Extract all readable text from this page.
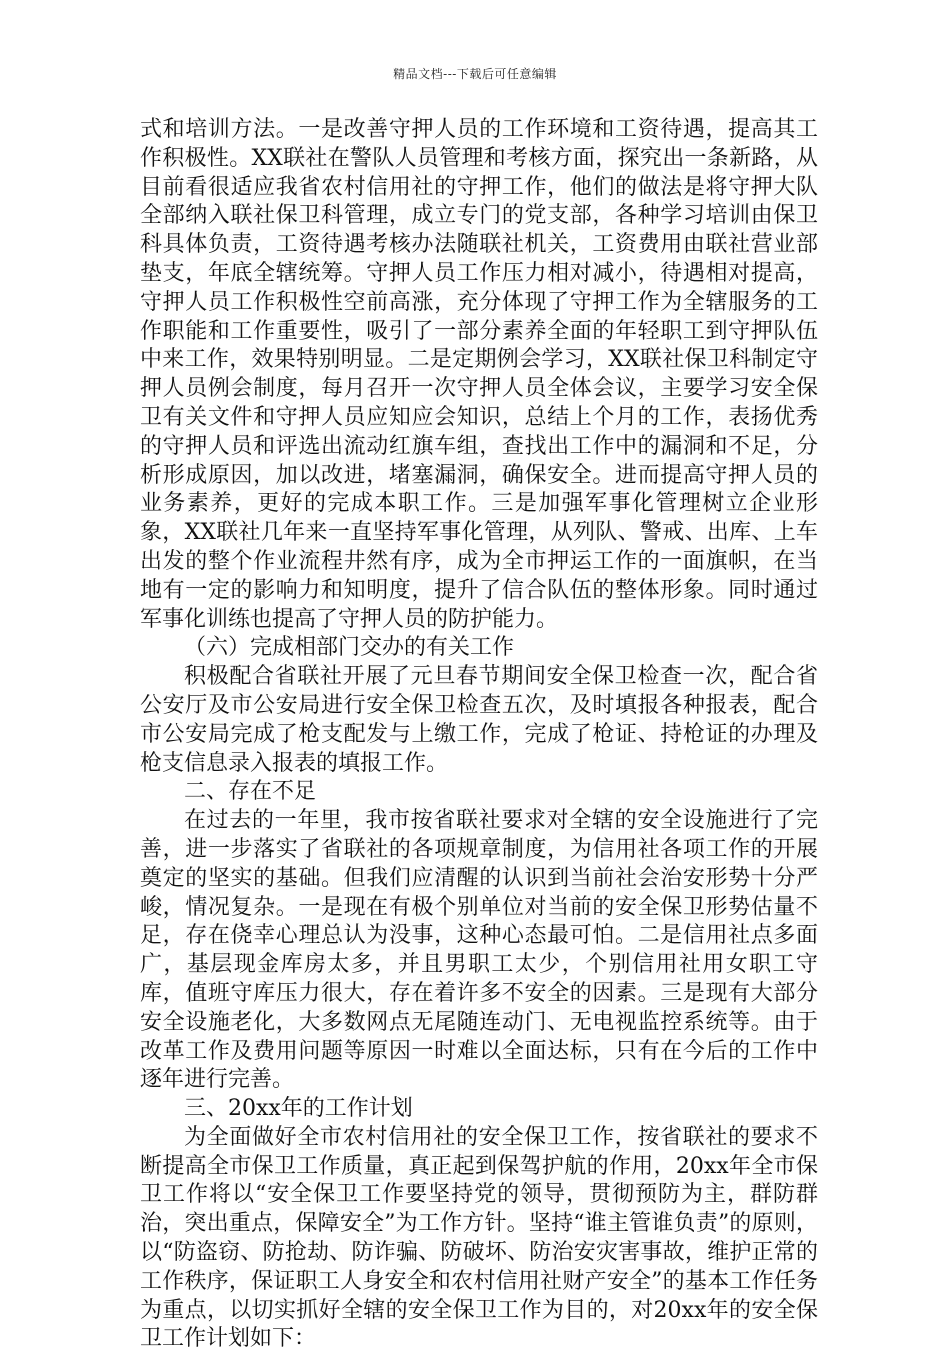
精品文档---下载后可任意编辑

式和培训方法。一是改善守押人员的工作环境和工资待遇，提高其工作积极性。XX联社在警队人员管理和考核方面，探究出一条新路，从目前看很适应我省农村信用社的守押工作，他们的做法是将守押大队全部纳入联社保卫科管理，成立专门的党支部，各种学习培训由保卫科具体负责，工资待遇考核办法随联社机关，工资费用由联社营业部垫支，年底全辖统筹。守押人员工作压力相对减小，待遇相对提高，守押人员工作积极性空前高涨，充分体现了守押工作为全辖服务的工作职能和工作重要性，吸引了一部分素养全面的年轻职工到守押队伍中来工作，效果特别明显。二是定期例会学习，XX联社保卫科制定守押人员例会制度，每月召开一次守押人员全体会议，主要学习安全保卫有关文件和守押人员应知应会知识，总结上个月的工作，表扬优秀的守押人员和评选出流动红旗车组，查找出工作中的漏洞和不足，分析形成原因，加以改进，堵塞漏洞，确保安全。进而提高守押人员的业务素养，更好的完成本职工作。三是加强军事化管理树立企业形象，XX联社几年来一直坚持军事化管理，从列队、警戒、出库、上车出发的整个作业流程井然有序，成为全市押运工作的一面旗帜，在当地有一定的影响力和知明度，提升了信合队伍的整体形象。同时通过军事化训练也提高了守押人员的防护能力。

（六）完成相部门交办的有关工作

积极配合省联社开展了元旦春节期间安全保卫检查一次，配合省公安厅及市公安局进行安全保卫检查五次，及时填报各种报表，配合市公安局完成了枪支配发与上缴工作，完成了枪证、持枪证的办理及枪支信息录入报表的填报工作。

二、存在不足

在过去的一年里，我市按省联社要求对全辖的安全设施进行了完善，进一步落实了省联社的各项规章制度，为信用社各项工作的开展奠定的坚实的基础。但我们应清醒的认识到当前社会治安形势十分严峻，情况复杂。一是现在有极个别单位对当前的安全保卫形势估量不足，存在侥幸心理总认为没事，这种心态最可怕。二是信用社点多面广，基层现金库房太多，并且男职工太少，个别信用社用女职工守库，值班守库压力很大，存在着许多不安全的因素。三是现有大部分安全设施老化，大多数网点无尾随连动门、无电视监控系统等。由于改革工作及费用问题等原因一时难以全面达标，只有在今后的工作中逐年进行完善。

三、20xx年的工作计划

为全面做好全市农村信用社的安全保卫工作，按省联社的要求不断提高全市保卫工作质量，真正起到保驾护航的作用，20xx年全市保卫工作将以“安全保卫工作要坚持党的领导，贯彻预防为主，群防群治，突出重点，保障安全”为工作方针。坚持“谁主管谁负责”的原则，以“防盗窃、防抢劫、防诈骗、防破坏、防治安灾害事故，维护正常的工作秩序，保证职工人身安全和农村信用社财产安全”的基本工作任务为重点，以切实抓好全辖的安全保卫工作为目的，对20xx年的安全保卫工作计划如下：
